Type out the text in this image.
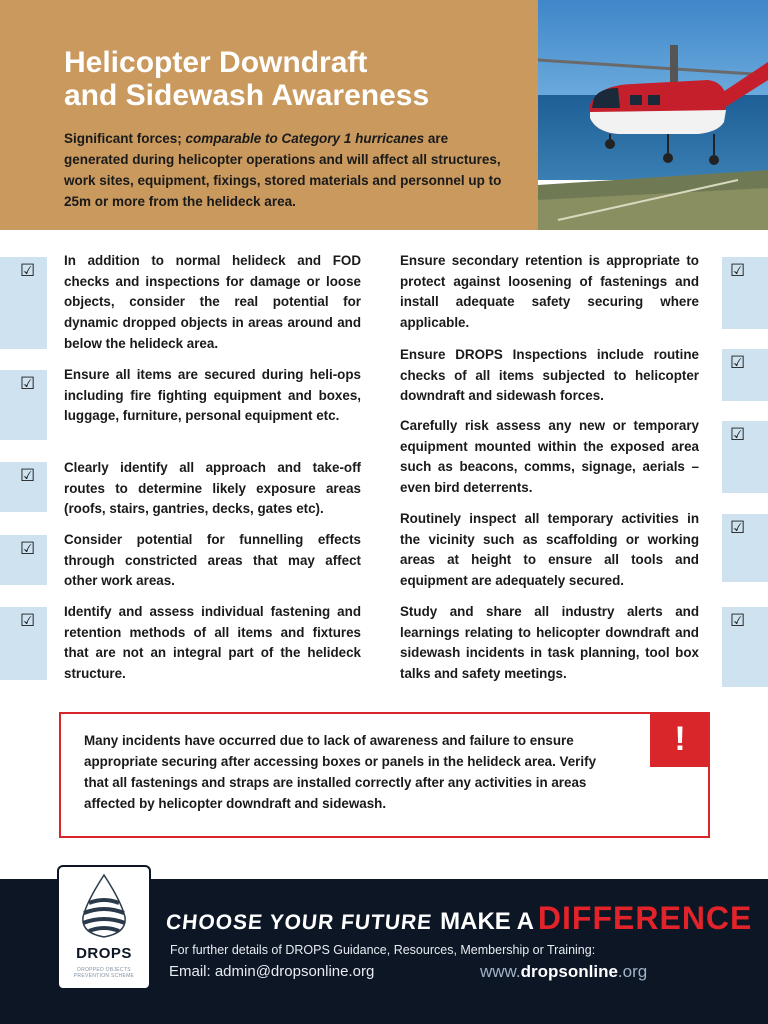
Helicopter Downdraft
and Sidewash Awareness

Significant forces; comparable to Category 1 hurricanes are generated during helicopter operations and will affect all structures, work sites, equipment, fixings, stored materials and personnel up to 25m or more from the helideck area.

☑
☑
☑
☑
☑
☑
☑
☑
☑
☑

In addition to normal helideck and FOD checks and inspections for damage or loose objects, consider the real potential for dynamic dropped objects in areas around and below the helideck area.

Ensure all items are secured during heli-ops including fire fighting equipment and boxes, luggage, furniture, personal equipment etc.

Clearly identify all approach and take-off routes to determine likely exposure areas (roofs, stairs, gantries, decks, gates etc).

Consider potential for funnelling effects through constricted areas that may affect other work areas.

Identify and assess individual fastening and retention methods of all items and fixtures that are not an integral part of the helideck structure.

Ensure secondary retention is appropriate to protect against loosening of fastenings and install adequate safety securing where applicable.

Ensure DROPS Inspections include routine checks of all items subjected to helicopter downdraft and sidewash forces.

Carefully risk assess any new or temporary equipment mounted within the exposed area such as beacons, comms, signage, aerials – even bird deterrents.

Routinely inspect all temporary activities in the vicinity such as scaffolding or working areas at height to ensure all tools and equipment are adequately secured.

Study and share all industry alerts and learnings relating to helicopter downdraft and sidewash incidents in task planning, tool box talks and safety meetings.

Many incidents have occurred due to lack of awareness and failure to ensure appropriate securing after accessing boxes or panels in the helideck area. Verify that all fastenings and straps are installed correctly after any activities in areas affected by helicopter downdraft and sidewash.

!
DROPS
DROPPED OBJECTS PREVENTION SCHEME
CHOOSE YOUR FUTURE MAKE A DIFFERENCE
For further details of DROPS Guidance, Resources, Membership or Training:
Email: admin@dropsonline.org	www.dropsonline.org
